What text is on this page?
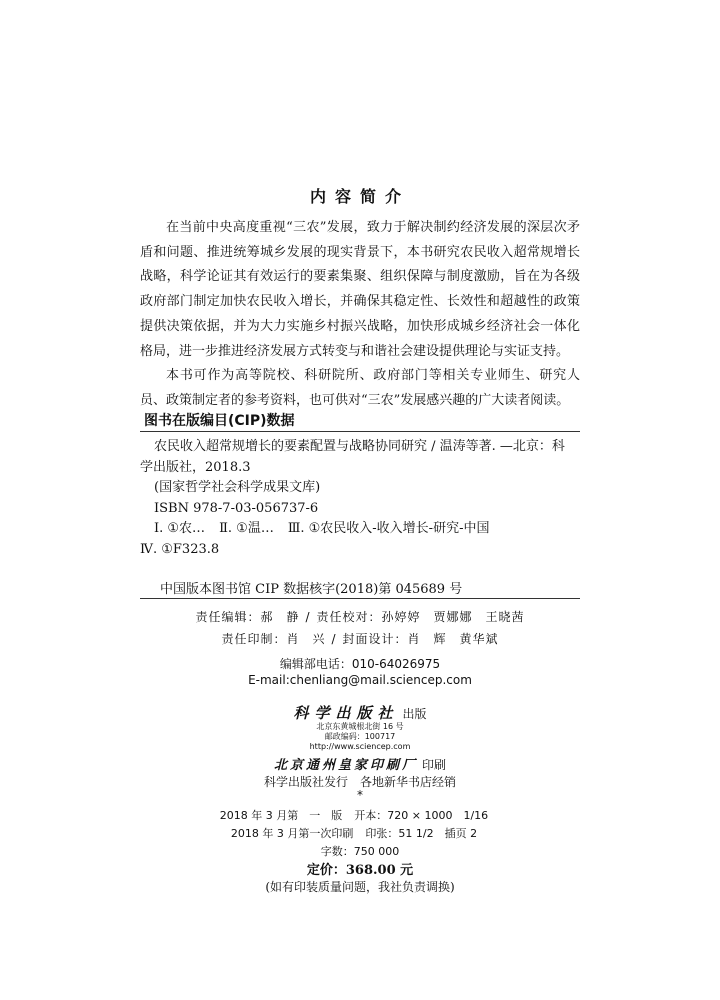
内容简介

在当前中央高度重视“三农”发展，致力于解决制约经济发展的深层次矛盾和问题、推进统筹城乡发展的现实背景下，本书研究农民收入超常规增长战略，科学论证其有效运行的要素集聚、组织保障与制度激励，旨在为各级政府部门制定加快农民收入增长，并确保其稳定性、长效性和超越性的政策提供决策依据，并为大力实施乡村振兴战略，加快形成城乡经济社会一体化格局，进一步推进经济发展方式转变与和谐社会建设提供理论与实证支持。

本书可作为高等院校、科研院所、政府部门等相关专业师生、研究人员、政策制定者的参考资料，也可供对“三农”发展感兴趣的广大读者阅读。

图书在版编目(CIP)数据
农民收入超常规增长的要素配置与战略协同研究 / 温涛等著. —北京：科
学出版社，2018.3
(国家哲学社会科学成果文库)
ISBN 978-7-03-056737-6
Ⅰ. ①农… Ⅱ. ①温… Ⅲ. ①农民收入-收入增长-研究-中国
Ⅳ. ①F323.8
中国版本图书馆 CIP 数据核字(2018)第 045689 号
责任编辑：郝　静 / 责任校对：孙婷婷　贾娜娜　王晓茜
责任印制：肖　兴 / 封面设计：肖　辉　黄华斌
编辑部电话：010-64026975
E-mail:chenliang@mail.sciencep.com
科学出版社 出版
北京东黄城根北街 16 号
邮政编码：100717
http://www.sciencep.com
北京通州皇家印刷厂 印刷
科学出版社发行　各地新华书店经销
*
2018 年 3 月第　一　版 开本：720 × 1000　1/16
2018 年 3 月第一次印刷 印张：51 1/2　插页 2
字数：750 000
定价：368.00 元
(如有印装质量问题，我社负责调换)
